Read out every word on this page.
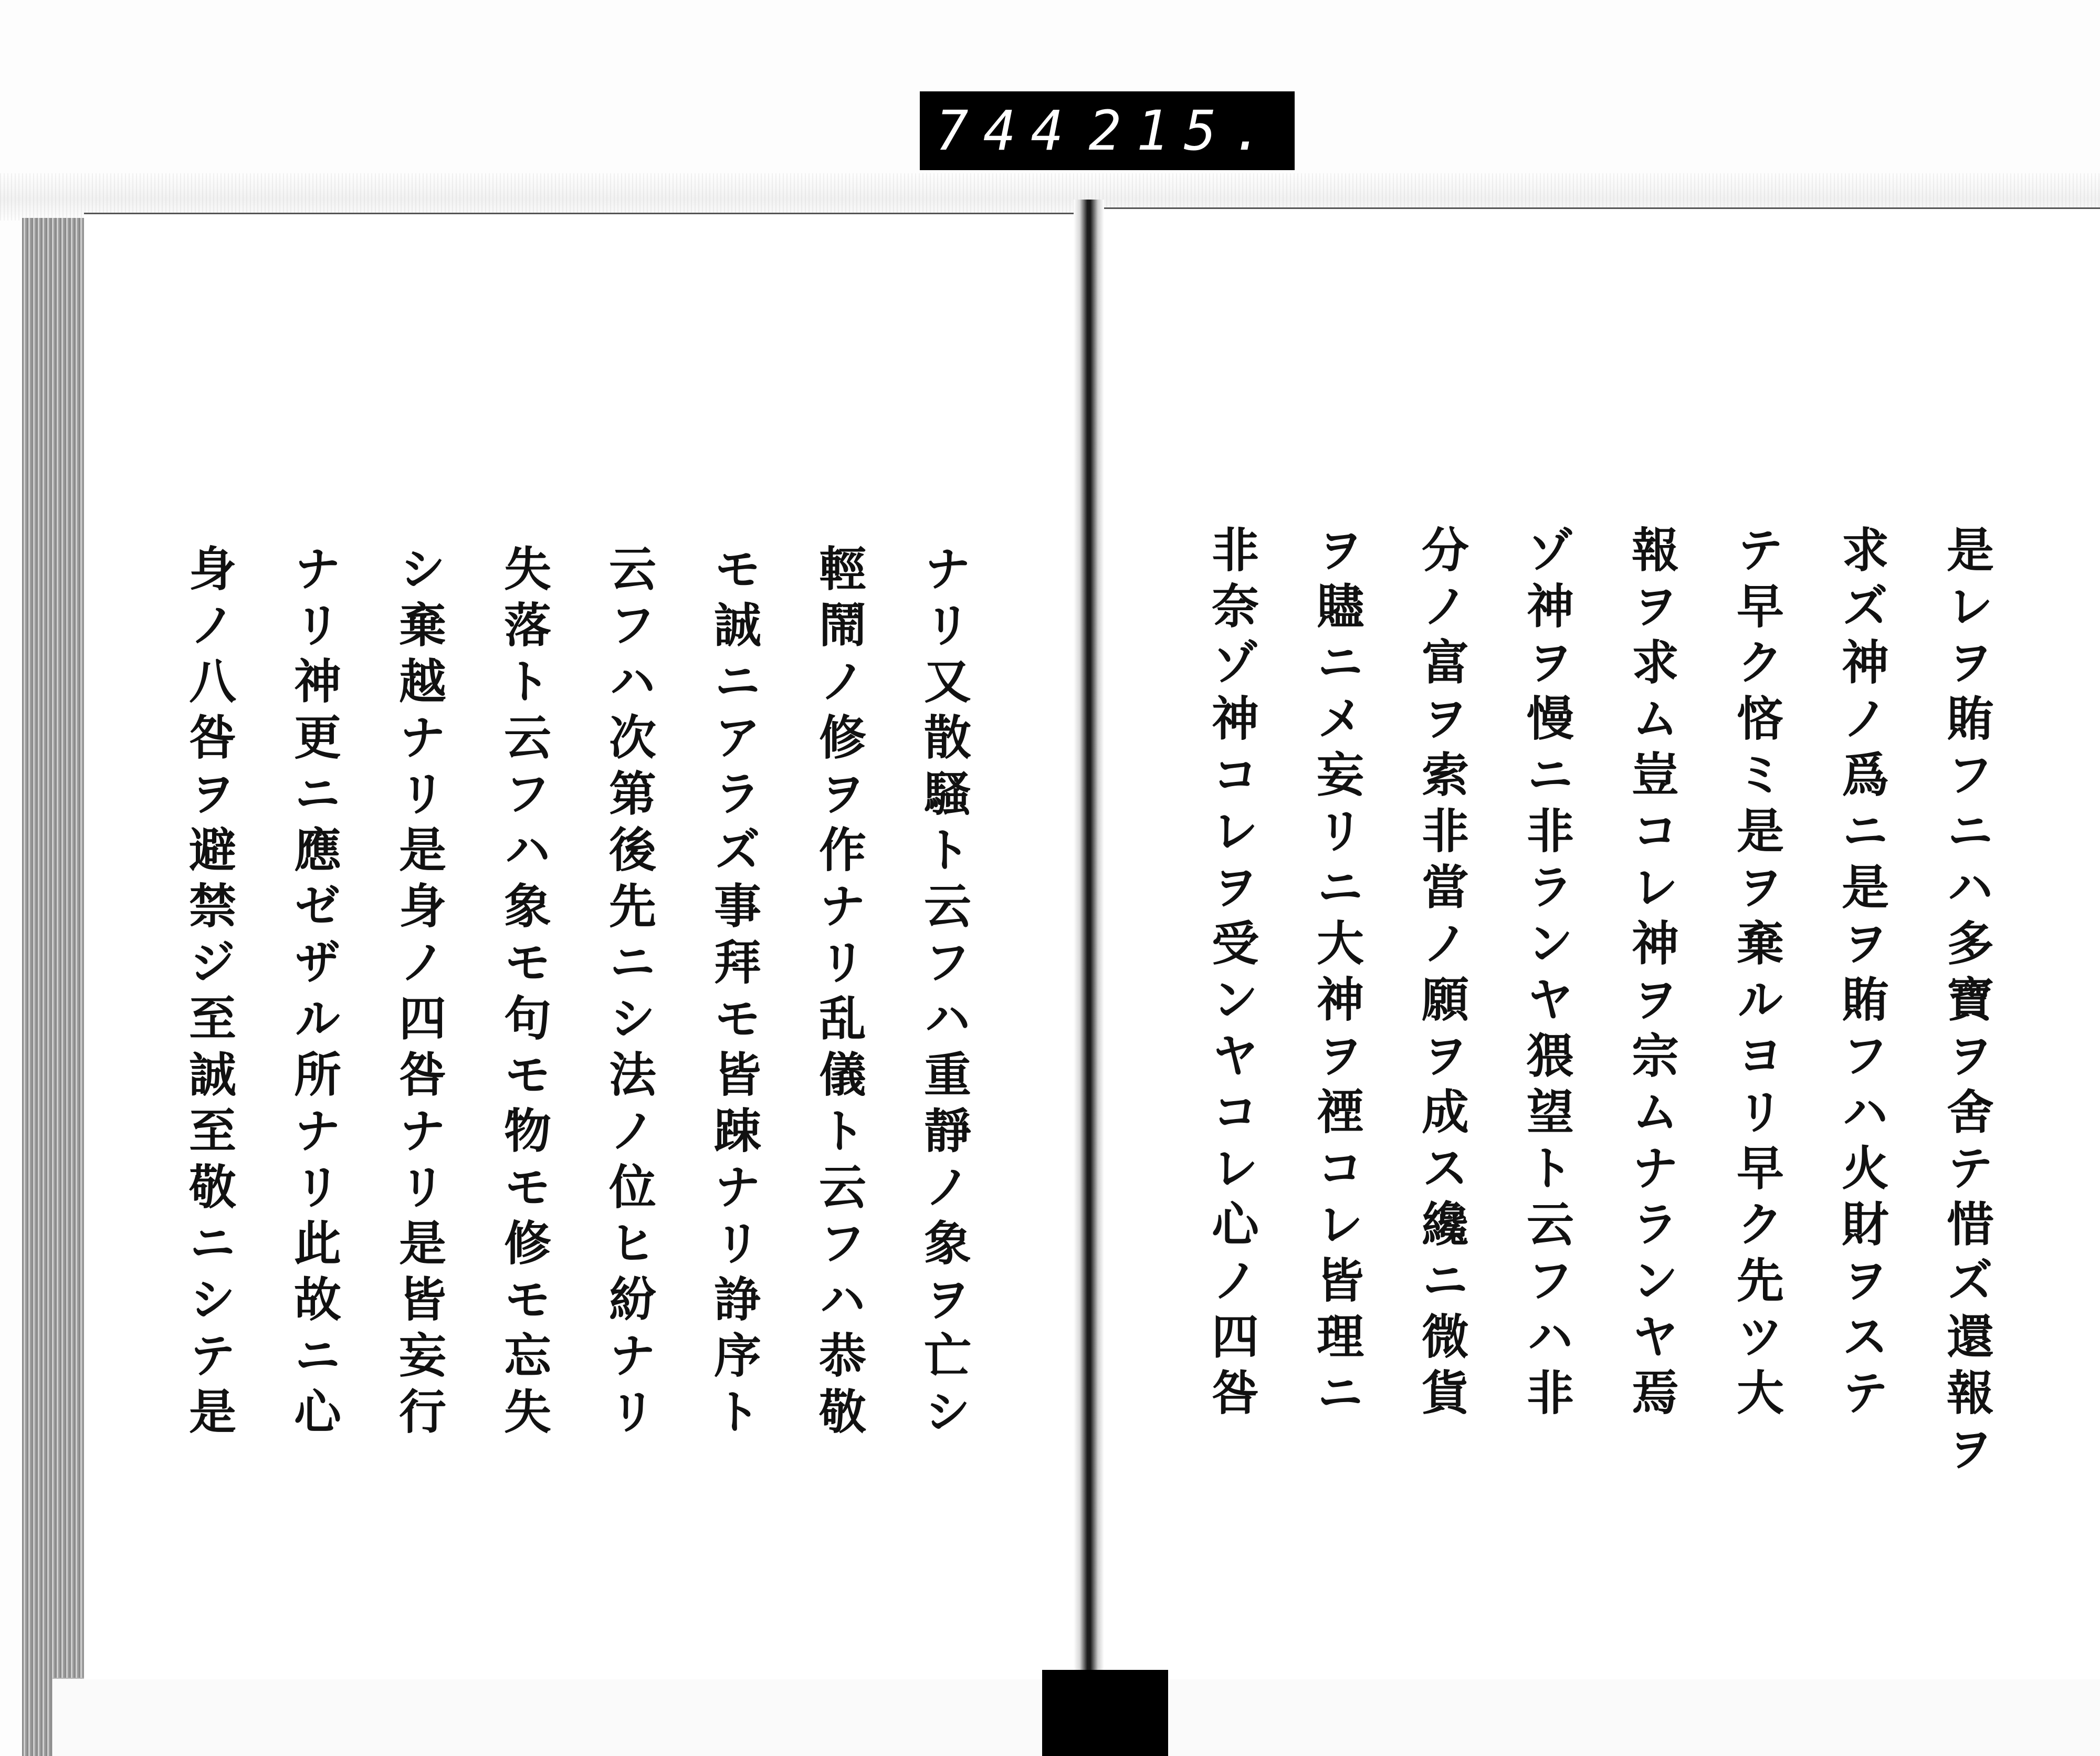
744 215.
ナリ又散騷ト云フハ重靜ノ象ヲ亡シ
輕鬧ノ修ヲ作ナリ乱儀ト云フハ恭敬
モ誠ニアラズ事拜モ皆踈ナリ諍序ト
云フハ次第後先ニシ法ノ位ヒ紛ナリ
失落ト云フハ象モ句モ物モ修モ忘失
シ棄越ナリ是身ノ四咎ナリ是皆妄行
ナリ神更ニ應ゼザル所ナリ此故ニ心
身ノ八咎ヲ避禁ジ至誠至敬ニシテ是	是レヲ賄フニハ多寶ヲ舍テ惜ズ還報ヲ
求ズ神ノ爲ニ是ヲ賄フハ火財ヲステ
テ早ク悋ミ是ヲ棄ルヨリ早ク先ツ大
報ヲ求ム豈コレ神ヲ宗ムナランヤ焉
ゾ神ヲ慢ニ非ランヤ猥望ト云フハ非
分ノ富ヲ索非當ノ願ヲ成ス纔ニ微貨
ヲ贐ニメ妄リニ大神ヲ禋コレ皆理ニ
非奈ゾ神コレヲ受ンヤコレ心ノ四咎
